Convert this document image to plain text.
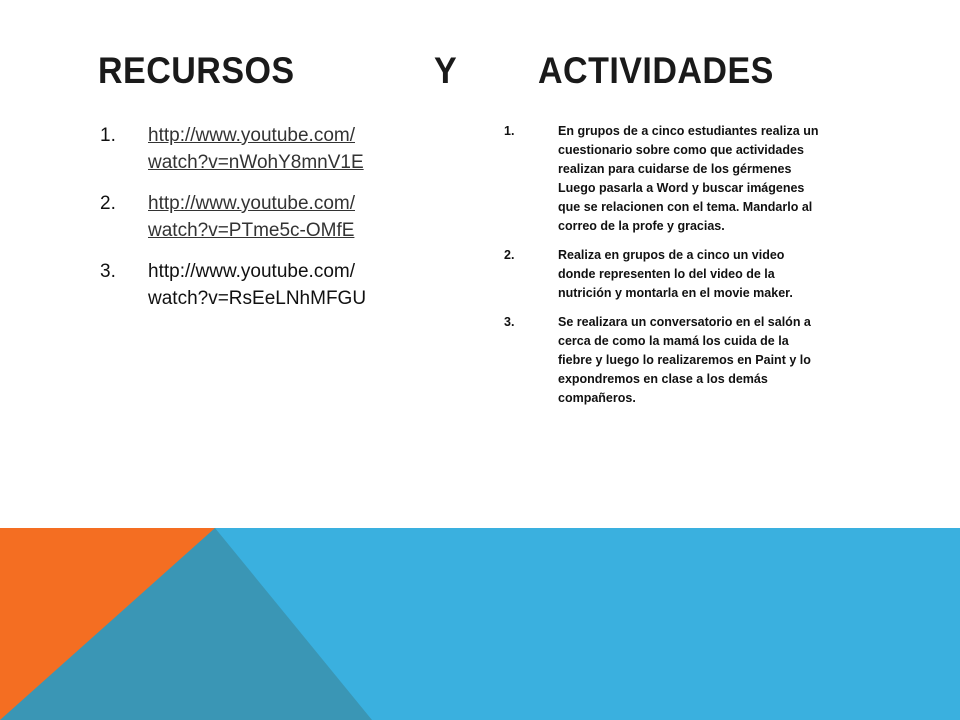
RECURSOS	Y ACTIVIDADES
1. http://www.youtube.com/
watch?v=nWohY8mnV1E
2. http://www.youtube.com/
watch?v=PTme5c-OMfE
3. http://www.youtube.com/
watch?v=RsEeLNhMFGU
1.	En grupos de a cinco estudiantes realiza un cuestionario sobre como que actividades realizan para cuidarse de los gérmenes Luego pasarla a Word y buscar imágenes que se relacionen con el tema. Mandarlo al correo de la profe y gracias.
2.	Realiza en grupos de a cinco un video donde representen lo del video de la nutrición y montarla en el movie maker.
3.	Se realizara un conversatorio en el salón a cerca de como la mamá los cuida de la fiebre y luego lo realizaremos en Paint y lo expondremos en clase a los demás compañeros.
